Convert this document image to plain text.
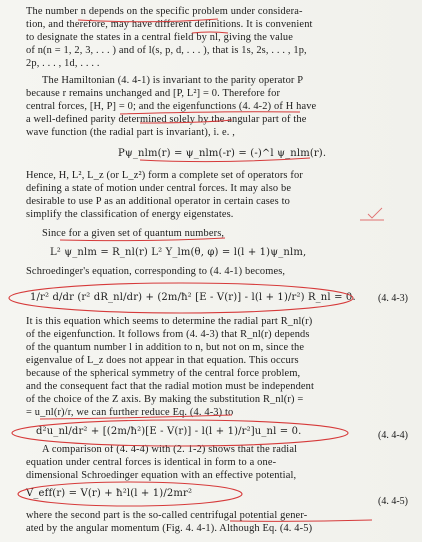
The number n depends on the specific problem under considera-
tion, and therefore, may have different definitions. It is convenient
to designate the states in a central field by nl, giving the value
of n(n = 1, 2, 3, . . . ) and of l(s, p, d, . . . ), that is 1s, 2s, . . . , 1p,
2p, . . . , 1d, . . . .
The Hamiltonian (4. 4-1) is invariant to the parity operator P
because r remains unchanged and [P, L²] = 0. Therefore for
central forces, [H, P] = 0; and the eigenfunctions (4. 4-2) of H have
a well-defined parity determined solely by the angular part of the
wave function (the radial part is invariant), i. e. ,
Pψ_nlm(r) = ψ_nlm(-r) = (-)^l ψ_nlm(r).
Hence, H, L², L_z (or L_z²) form a complete set of operators for
defining a state of motion under central forces. It may also be
desirable to use P as an additional operator in certain cases to
simplify the classification of energy eigenstates.
Since for a given set of quantum numbers,
L² ψ_nlm = R_nl(r) L² Y_lm(θ, φ) = l(l + 1)ψ_nlm,
Schroedinger's equation, corresponding to (4. 4-1) becomes,
1/r² d/dr (r² dR_nl/dr) + (2m/ħ² [E - V(r)] - l(l + 1)/r²) R_nl = 0. (4. 4-3)
It is this equation which seems to determine the radial part R_nl(r)
of the eigenfunction. It follows from (4. 4-3) that R_nl(r) depends
of the quantum number l in addition to n, but not on m, since the
eigenvalue of L_z does not appear in that equation. This occurs
because of the spherical symmetry of the central force problem,
and the consequent fact that the radial motion must be independent
of the choice of the Z axis. By making the substitution R_nl(r) =
= u_nl(r)/r, we can further reduce Eq. (4. 4-3) to
d²u_nl/dr² + [(2m/ħ²)[E - V(r)] - l(l + 1)/r²]u_nl = 0.	(4. 4-4)
A comparison of (4. 4-4) with (2. 1-2) shows that the radial
equation under central forces is identical in form to a one-
dimensional Schroedinger equation with an effective potential,
V_eff(r) = V(r) + ħ²l(l + 1)/2mr²
(4. 4-5)
where the second part is the so-called centrifugal potential gener-
ated by the angular momentum (Fig. 4. 4-1). Although Eq. (4. 4-5)
